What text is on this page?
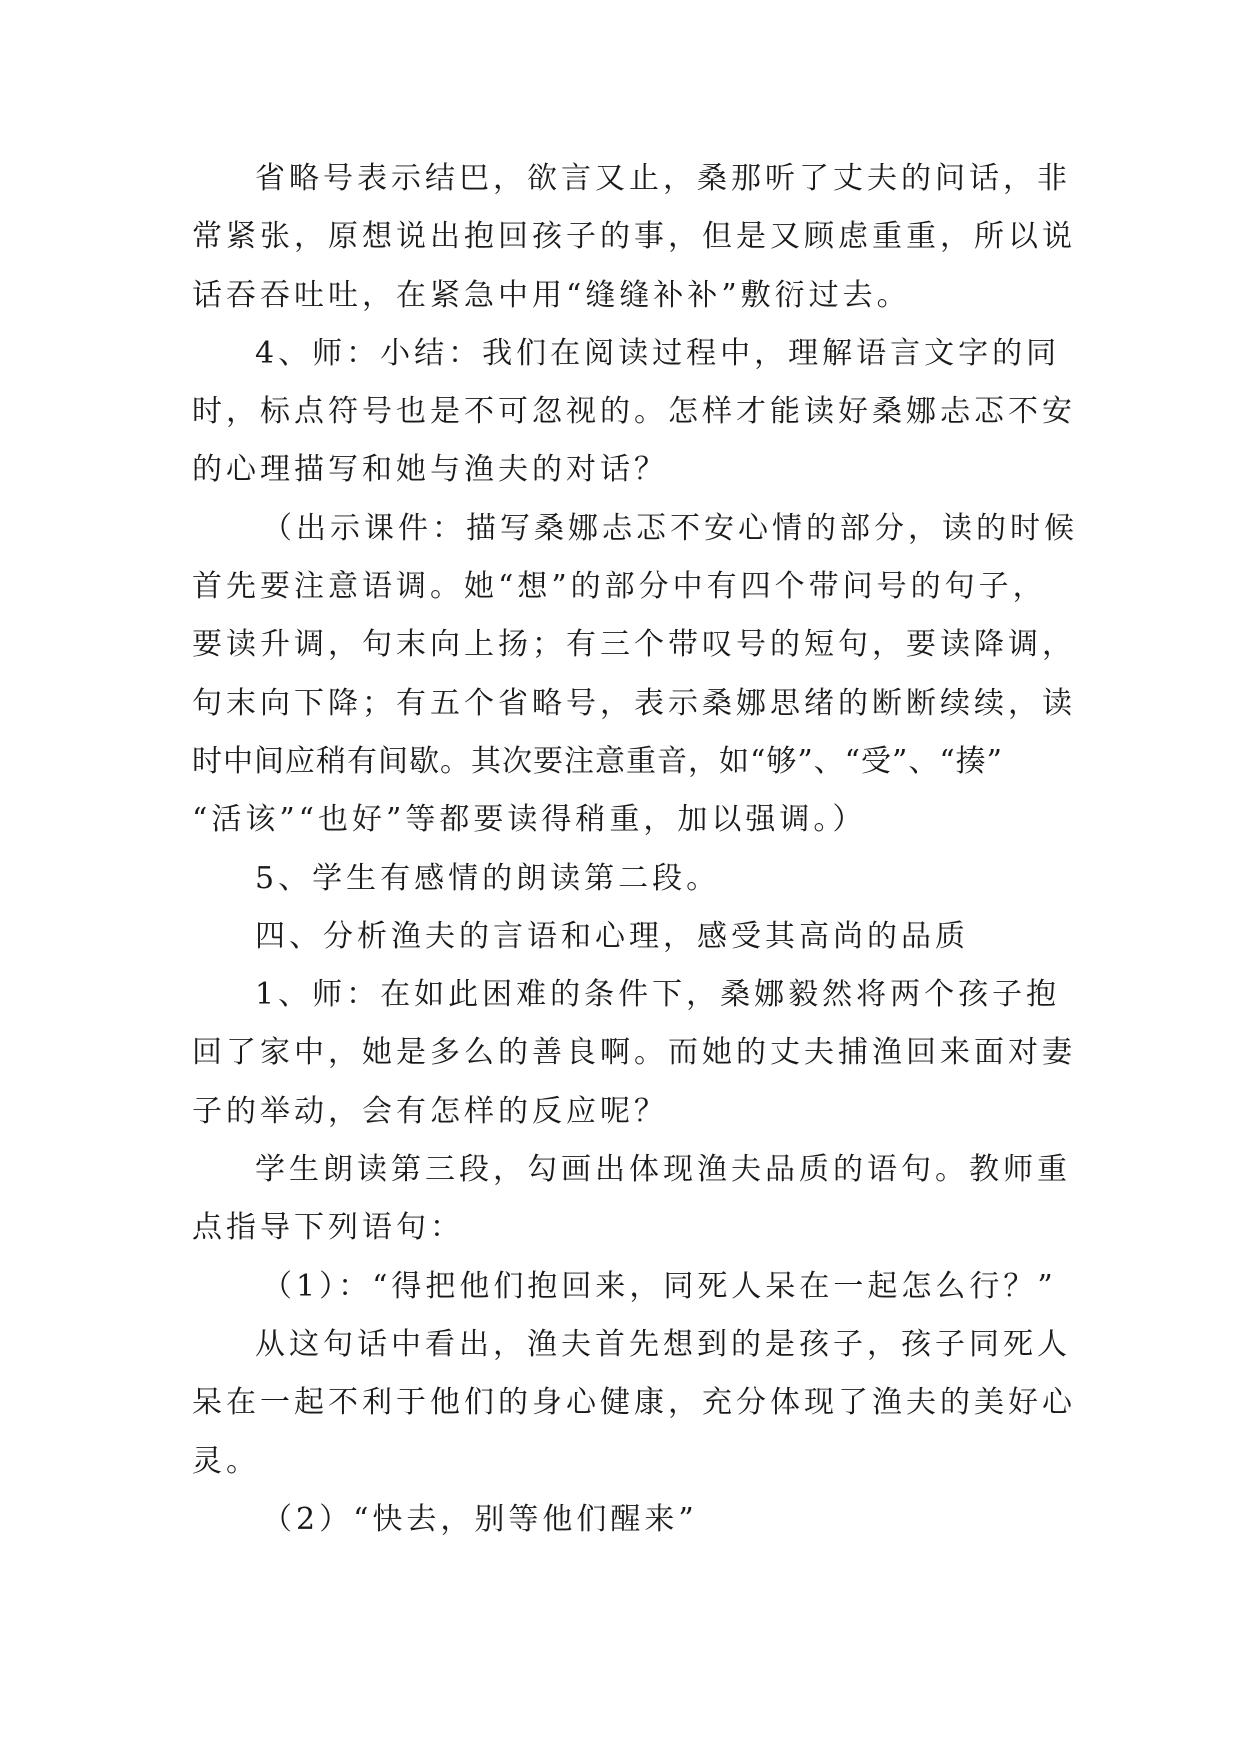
省略号表示结巴，欲言又止，桑那听了丈夫的问话，非
常紧张，原想说出抱回孩子的事，但是又顾虑重重，所以说
话吞吞吐吐，在紧急中用“缝缝补补”敷衍过去。
4、师：小结：我们在阅读过程中，理解语言文字的同
时，标点符号也是不可忽视的。怎样才能读好桑娜忐忑不安
的心理描写和她与渔夫的对话？
（出示课件：描写桑娜忐忑不安心情的部分，读的时候
首先要注意语调。她“想”的部分中有四个带问号的句子，
要读升调，句末向上扬；有三个带叹号的短句，要读降调，
句末向下降；有五个省略号，表示桑娜思绪的断断续续，读
时中间应稍有间歇。其次要注意重音，如“够”、“受”、“揍”
“活该”“也好”等都要读得稍重，加以强调。）
5、学生有感情的朗读第二段。
四、分析渔夫的言语和心理，感受其高尚的品质
1、师：在如此困难的条件下，桑娜毅然将两个孩子抱
回了家中，她是多么的善良啊。而她的丈夫捕渔回来面对妻
子的举动，会有怎样的反应呢？
学生朗读第三段，勾画出体现渔夫品质的语句。教师重
点指导下列语句：
（1）：“得把他们抱回来，同死人呆在一起怎么行？”
从这句话中看出，渔夫首先想到的是孩子，孩子同死人
呆在一起不利于他们的身心健康，充分体现了渔夫的美好心
灵。
（2）“快去，别等他们醒来”
